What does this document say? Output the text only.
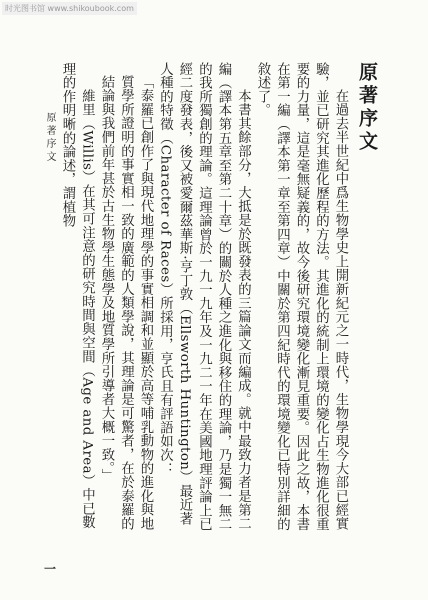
时光图书馆 www.shikoubook.com

原著序文

在過去半世紀中爲生物學史上開新紀元之一時代，生物學現今大部已經實驗，並已研究其進化歷程的方法。其進化的統制上環境的變化占生物進化很重要的力量，這是毫無疑義的，故今後研究環境變化漸見重要。因此之故，本書在第一編（譯本第一章至第四章）中關於第四紀時代的環境變化已特別詳細的敘述了。

本書其餘部分，大抵是於既發表的三篇論文而編成。就中最致力者是第二編（譯本第五章至第二十章）的關於人種之進化與移住的理論，乃是獨一無二的我所獨創的理論。這理論曾於一九一九年及一九二一年在美國地理評論上已經二度發表，後又被愛爾茲華斯·亨丁敦（Ellsworth Huntington）最近著人種的特徵（Character of Races）所採用，亨氏且有評語如次：

「泰羅已創作了與現代地理學的事實相調和並顯於高等哺乳動物的進化與地質學所證明的事實相一致的廣範的人類學說，其理論是可驚者，在於泰羅的結論與我們前年甚於古生物學生態學及地質學所引導者大概一致。」

維里（Willis）在其可注意的研究時間與空間（Age and Area）中已數理的作明晰的論述，謂植物

原著序文
一
